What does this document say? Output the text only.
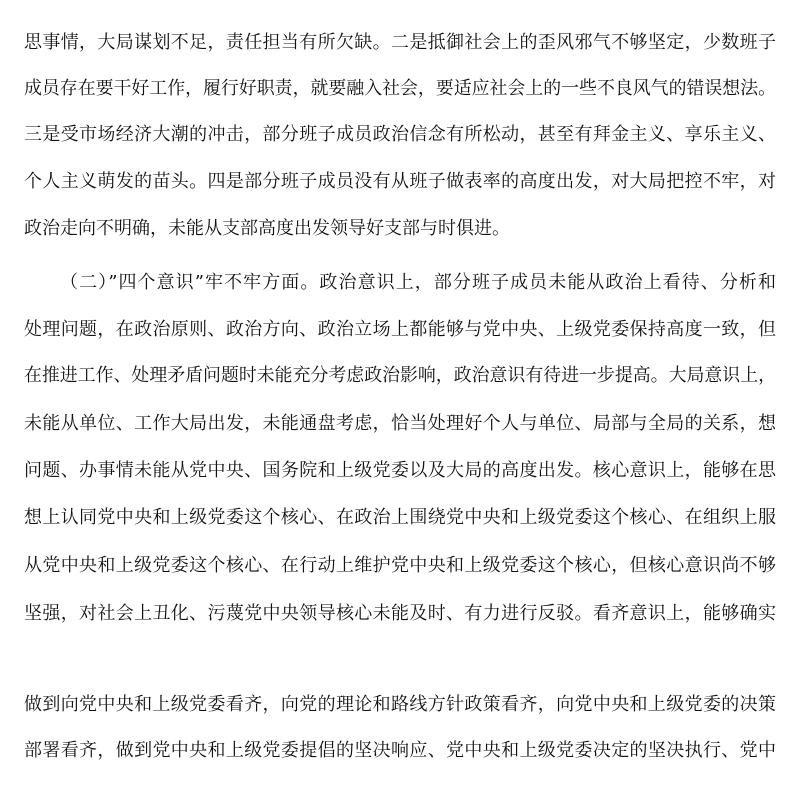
思事情，大局谋划不足，责任担当有所欠缺。二是抵御社会上的歪风邪气不够坚定，少数班子
成员存在要干好工作，履行好职责，就要融入社会，要适应社会上的一些不良风气的错误想法。
三是受市场经济大潮的冲击，部分班子成员政治信念有所松动，甚至有拜金主义、享乐主义、
个人主义萌发的苗头。四是部分班子成员没有从班子做表率的高度出发，对大局把控不牢，对
政治走向不明确，未能从支部高度出发领导好支部与时俱进。
（二）”四个意识”牢不牢方面。政治意识上，部分班子成员未能从政治上看待、分析和
处理问题，在政治原则、政治方向、政治立场上都能够与党中央、上级党委保持高度一致，但
在推进工作、处理矛盾问题时未能充分考虑政治影响，政治意识有待进一步提高。大局意识上，
未能从单位、工作大局出发，未能通盘考虑，恰当处理好个人与单位、局部与全局的关系，想
问题、办事情未能从党中央、国务院和上级党委以及大局的高度出发。核心意识上，能够在思
想上认同党中央和上级党委这个核心、在政治上围绕党中央和上级党委这个核心、在组织上服
从党中央和上级党委这个核心、在行动上维护党中央和上级党委这个核心，但核心意识尚不够
坚强，对社会上丑化、污蔑党中央领导核心未能及时、有力进行反驳。看齐意识上，能够确实
做到向党中央和上级党委看齐，向党的理论和路线方针政策看齐，向党中央和上级党委的决策
部署看齐，做到党中央和上级党委提倡的坚决响应、党中央和上级党委决定的坚决执行、党中
